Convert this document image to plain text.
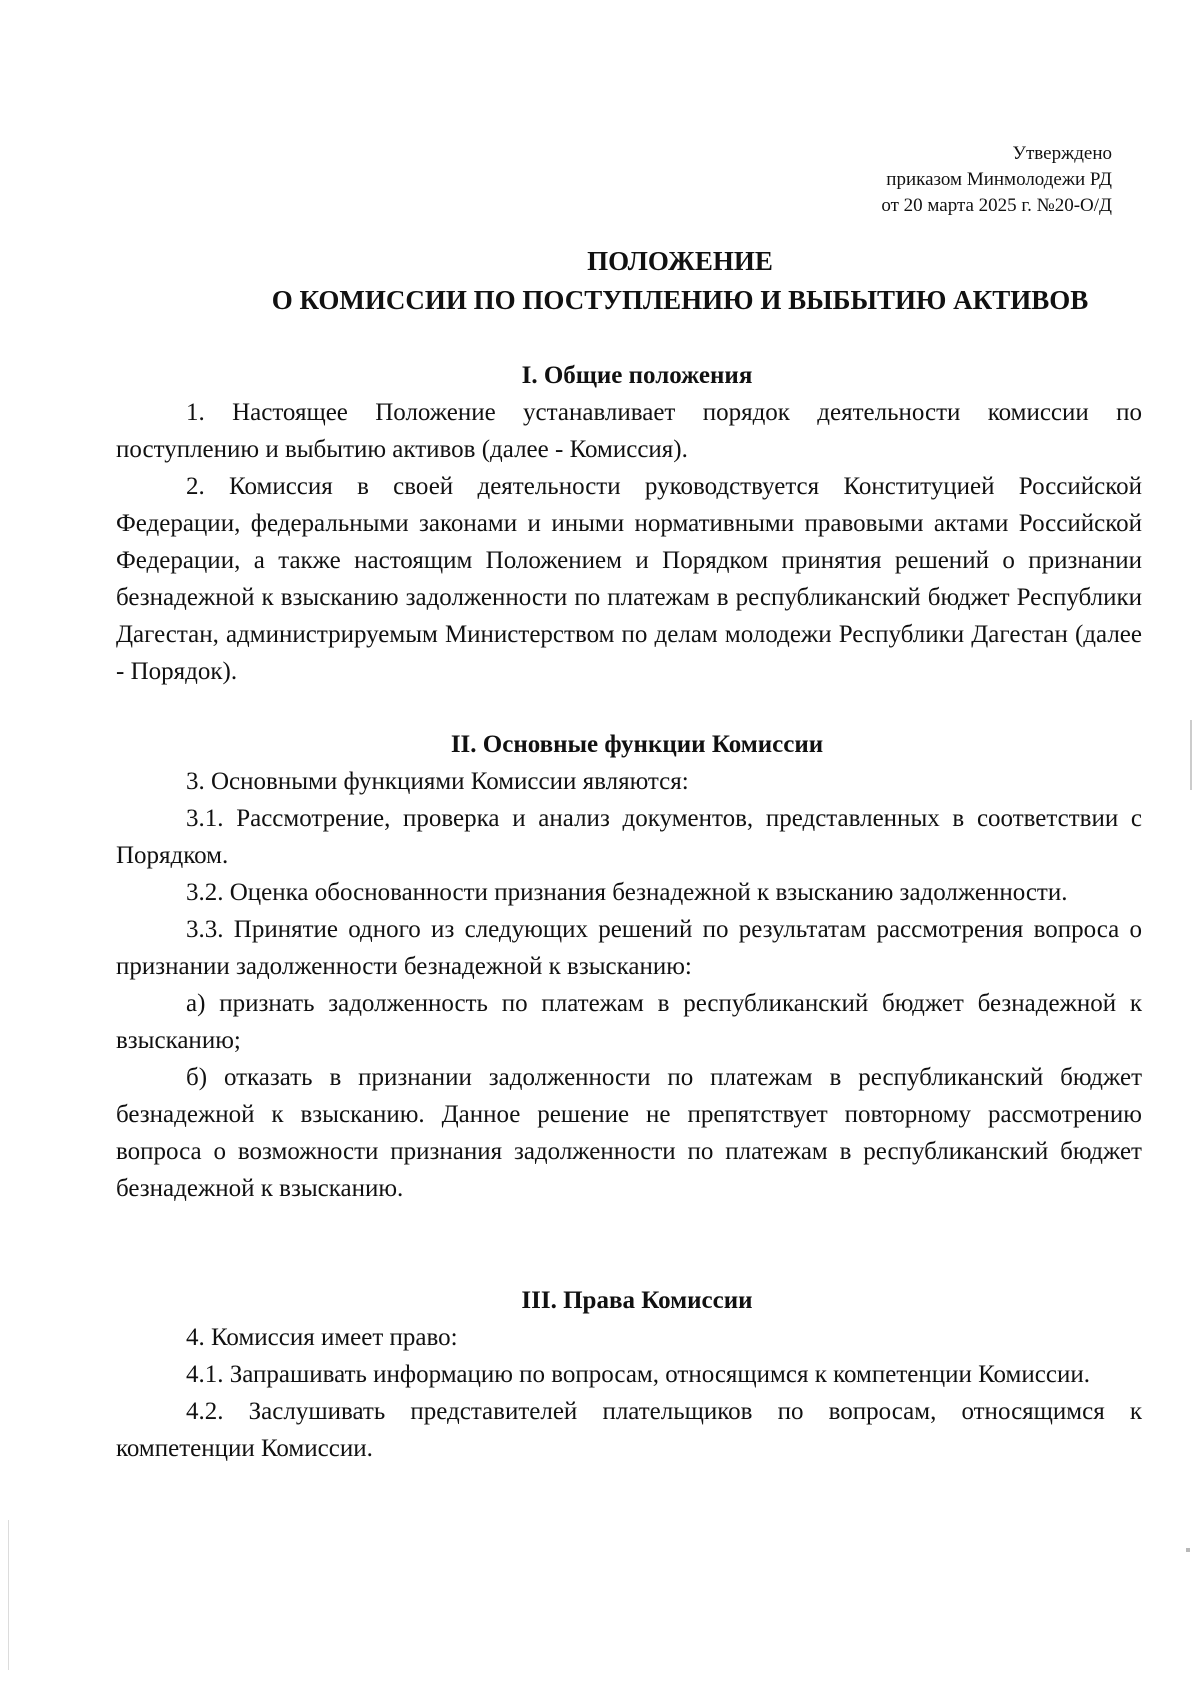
Утверждено
приказом Минмолодежи РД
от 20 марта 2025 г. №20-О/Д
ПОЛОЖЕНИЕ
О КОМИССИИ ПО ПОСТУПЛЕНИЮ И ВЫБЫТИЮ АКТИВОВ

I. Общие положения

1. Настоящее Положение устанавливает порядок деятельности комиссии по поступлению и выбытию активов (далее - Комиссия).

2. Комиссия в своей деятельности руководствуется Конституцией Российской Федерации, федеральными законами и иными нормативными правовыми актами Российской Федерации, а также настоящим Положением и Порядком принятия решений о признании безнадежной к взысканию задолженности по платежам в республиканский бюджет Республики Дагестан, администрируемым Министерством по делам молодежи Республики Дагестан (далее - Порядок).

II. Основные функции Комиссии

3. Основными функциями Комиссии являются:

3.1. Рассмотрение, проверка и анализ документов, представленных в соответствии с Порядком.

3.2. Оценка обоснованности признания безнадежной к взысканию задолженности.

3.3. Принятие одного из следующих решений по результатам рассмотрения вопроса о признании задолженности безнадежной к взысканию:

а) признать задолженность по платежам в республиканский бюджет безнадежной к взысканию;

б) отказать в признании задолженности по платежам в республиканский бюджет безнадежной к взысканию. Данное решение не препятствует повторному рассмотрению вопроса о возможности признания задолженности по платежам в республиканский бюджет безнадежной к взысканию.

III. Права Комиссии

4. Комиссия имеет право:

4.1. Запрашивать информацию по вопросам, относящимся к компетенции Комиссии.

4.2. Заслушивать представителей плательщиков по вопросам, относящимся к компетенции Комиссии.
